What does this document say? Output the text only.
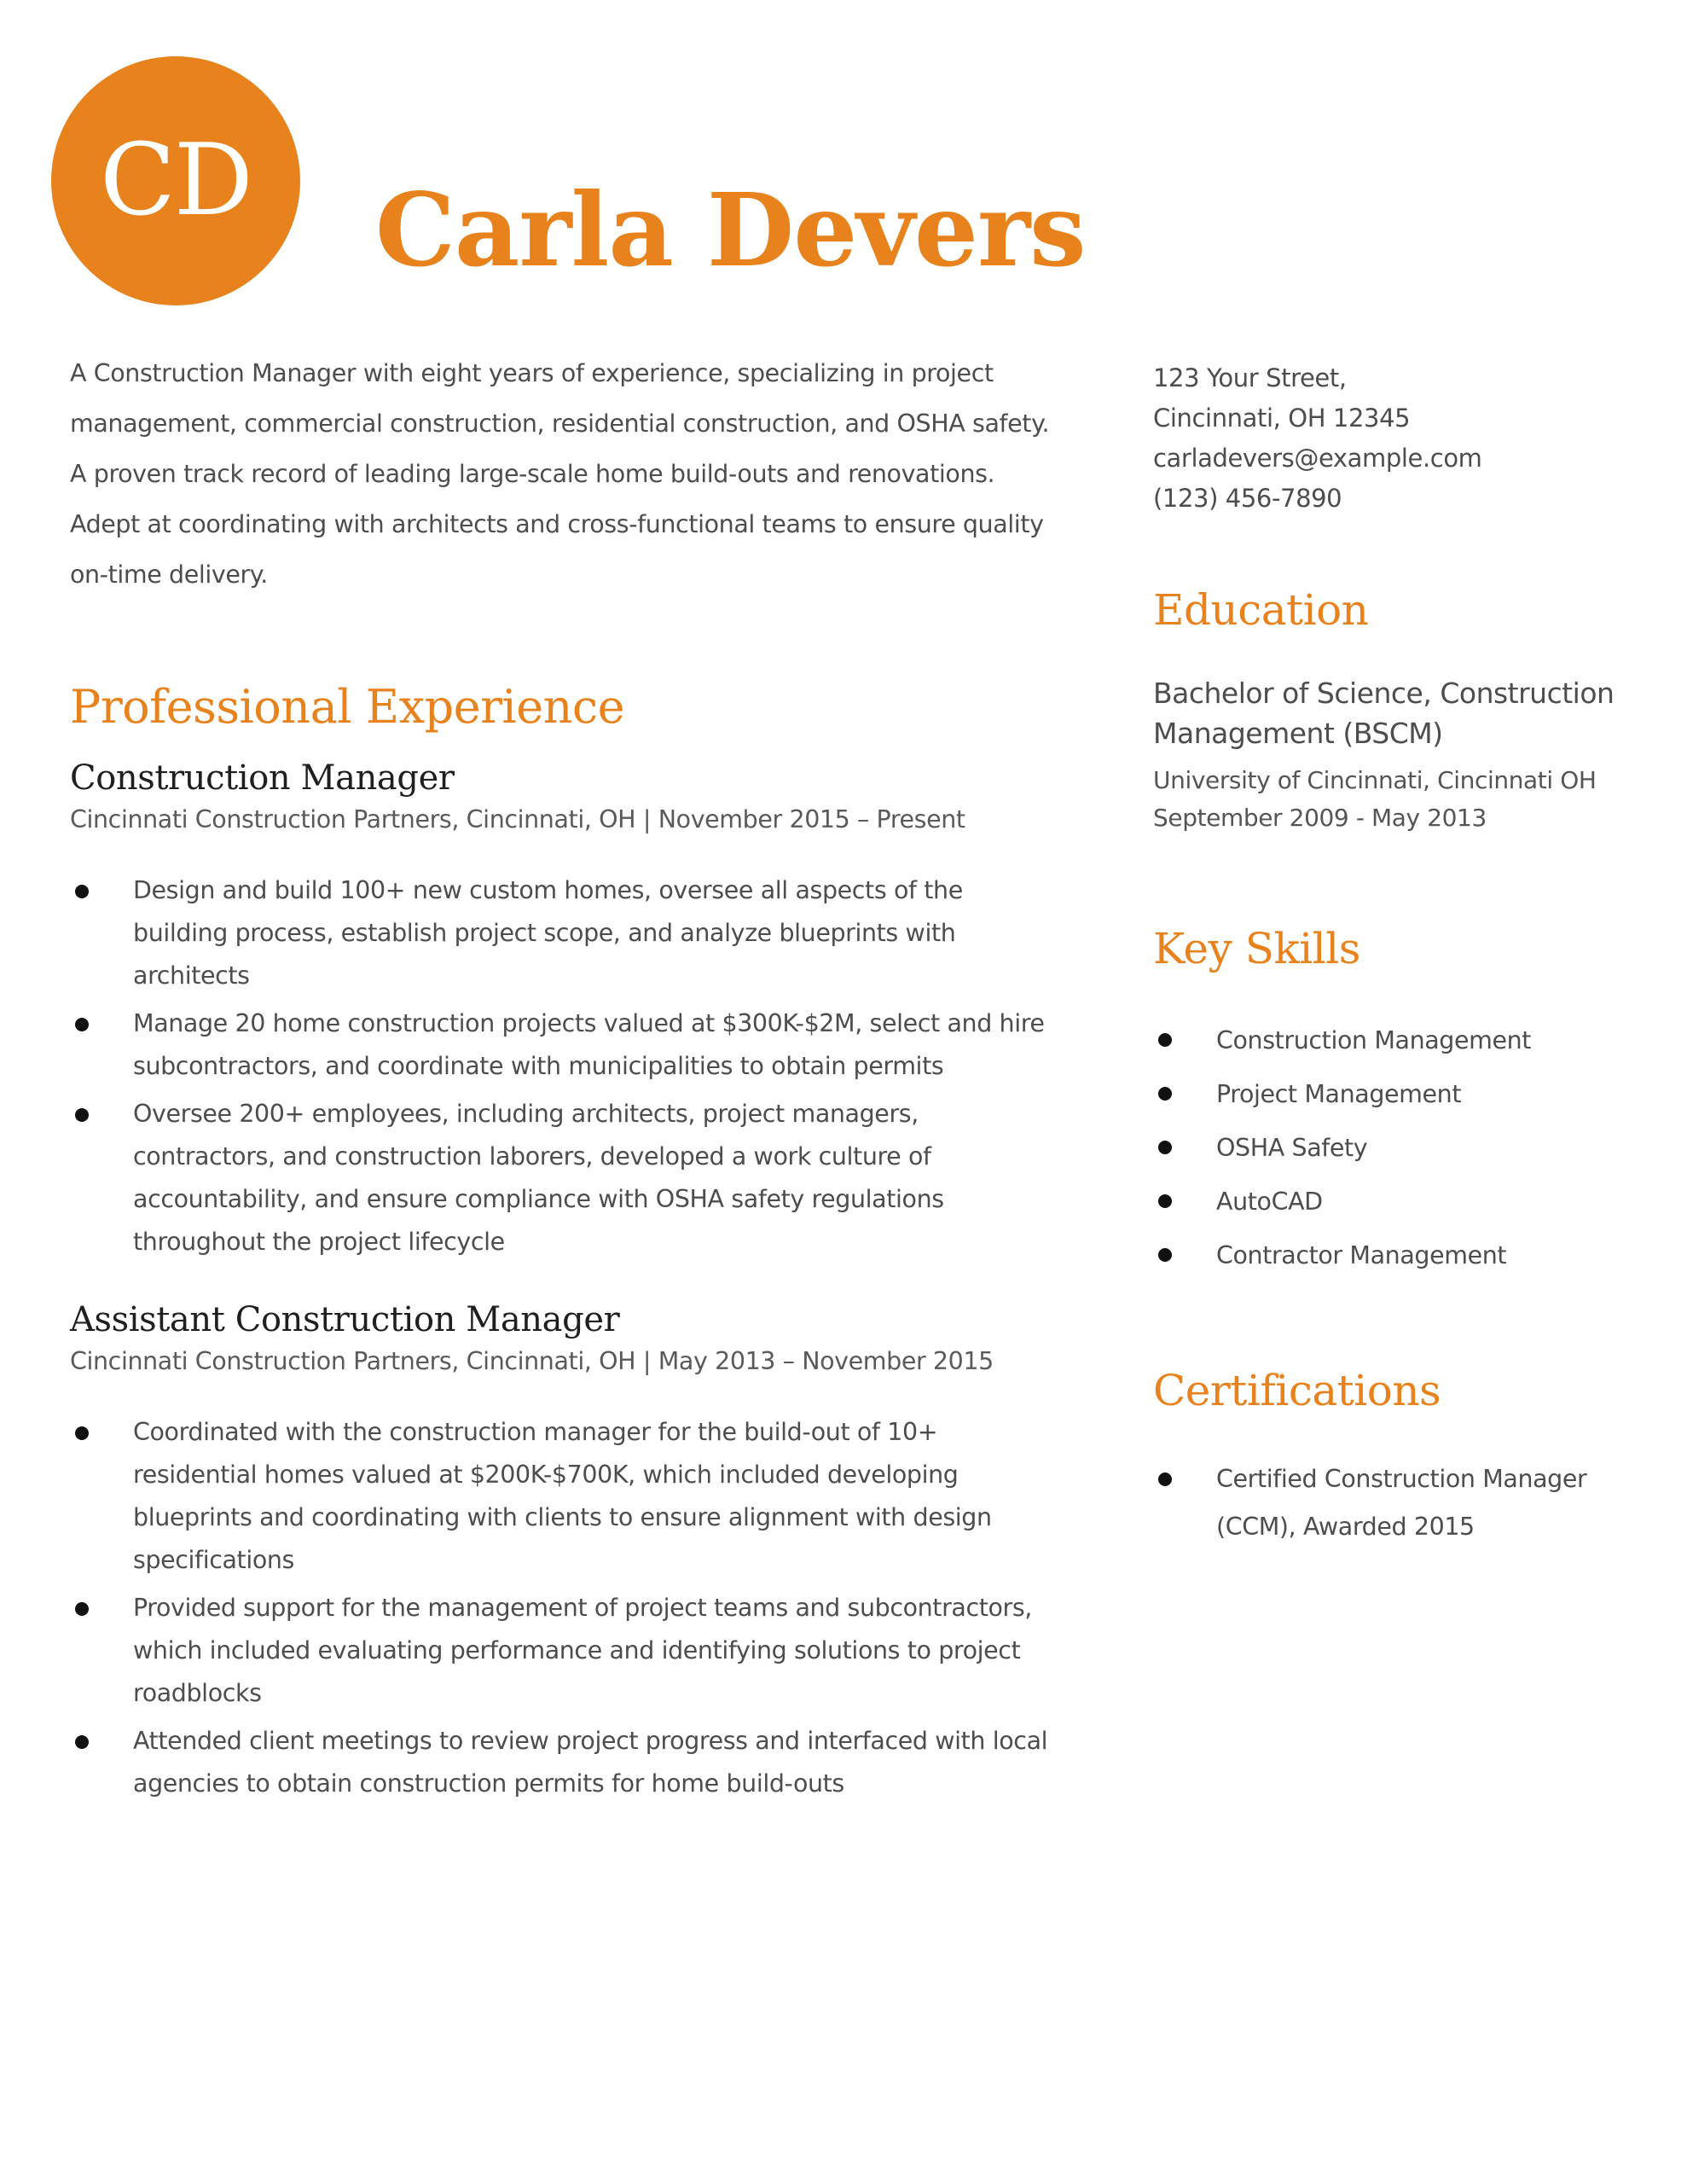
CD Carla Devers

A Construction Manager with eight years of experience, specializing in project management, commercial construction, residential construction, and OSHA safety. A proven track record of leading large-scale home build-outs and renovations. Adept at coordinating with architects and cross-functional teams to ensure quality on-time delivery.

Professional Experience
Construction Manager

Cincinnati Construction Partners, Cincinnati, OH | November 2015 – Present

Design and build 100+ new custom homes, oversee all aspects of the building process, establish project scope, and analyze blueprints with architects
Manage 20 home construction projects valued at $300K-$2M, select and hire subcontractors, and coordinate with municipalities to obtain permits
Oversee 200+ employees, including architects, project managers, contractors, and construction laborers, developed a work culture of accountability, and ensure compliance with OSHA safety regulations throughout the project lifecycle
Assistant Construction Manager

Cincinnati Construction Partners, Cincinnati, OH | May 2013 – November 2015

Coordinated with the construction manager for the build-out of 10+ residential homes valued at $200K-$700K, which included developing blueprints and coordinating with clients to ensure alignment with design specifications
Provided support for the management of project teams and subcontractors, which included evaluating performance and identifying solutions to project roadblocks
Attended client meetings to review project progress and interfaced with local agencies to obtain construction permits for home build-outs

123 Your Street,

Cincinnati, OH 12345

carladevers@example.com

(123) 456-7890

Education

Bachelor of Science, Construction Management (BSCM)

University of Cincinnati, Cincinnati OH

September 2009 - May 2013

Key Skills
Construction Management
Project Management
OSHA Safety
AutoCAD
Contractor Management
Certifications
Certified Construction Manager (CCM), Awarded 2015
